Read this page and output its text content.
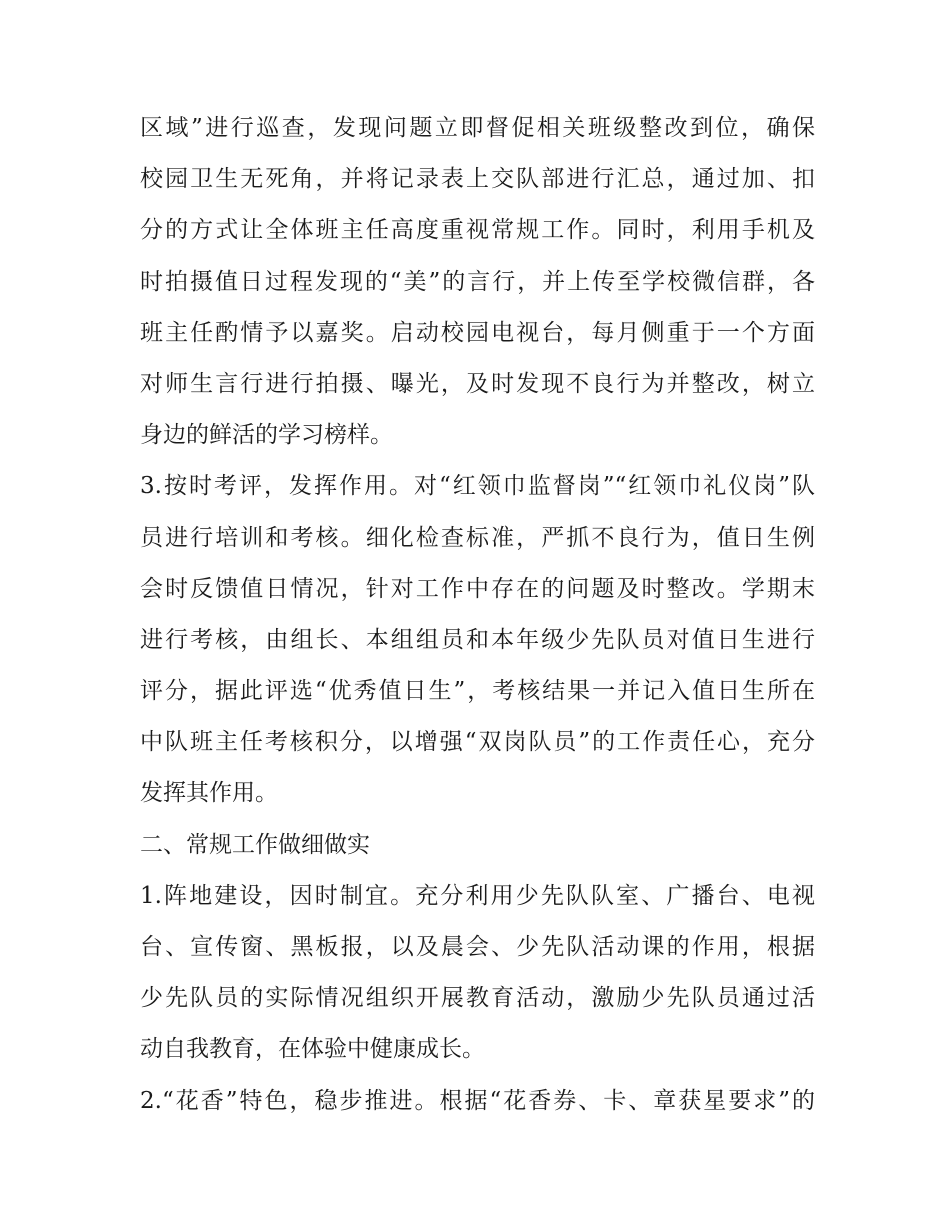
区域”进行巡查，发现问题立即督促相关班级整改到位，确保
校园卫生无死角，并将记录表上交队部进行汇总，通过加、扣
分的方式让全体班主任高度重视常规工作。同时，利用手机及
时拍摄值日过程发现的“美”的言行，并上传至学校微信群，各
班主任酌情予以嘉奖。启动校园电视台，每月侧重于一个方面
对师生言行进行拍摄、曝光，及时发现不良行为并整改，树立
身边的鲜活的学习榜样。
3.按时考评，发挥作用。对“红领巾监督岗”“红领巾礼仪岗”队
员进行培训和考核。细化检查标准，严抓不良行为，值日生例
会时反馈值日情况，针对工作中存在的问题及时整改。学期末
进行考核，由组长、本组组员和本年级少先队员对值日生进行
评分，据此评选“优秀值日生”，考核结果一并记入值日生所在
中队班主任考核积分，以增强“双岗队员”的工作责任心，充分
发挥其作用。
二、常规工作做细做实
1.阵地建设，因时制宜。充分利用少先队队室、广播台、电视
台、宣传窗、黑板报，以及晨会、少先队活动课的作用，根据
少先队员的实际情况组织开展教育活动，激励少先队员通过活
动自我教育，在体验中健康成长。
2.“花香”特色，稳步推进。根据“花香券、卡、章获星要求”的
